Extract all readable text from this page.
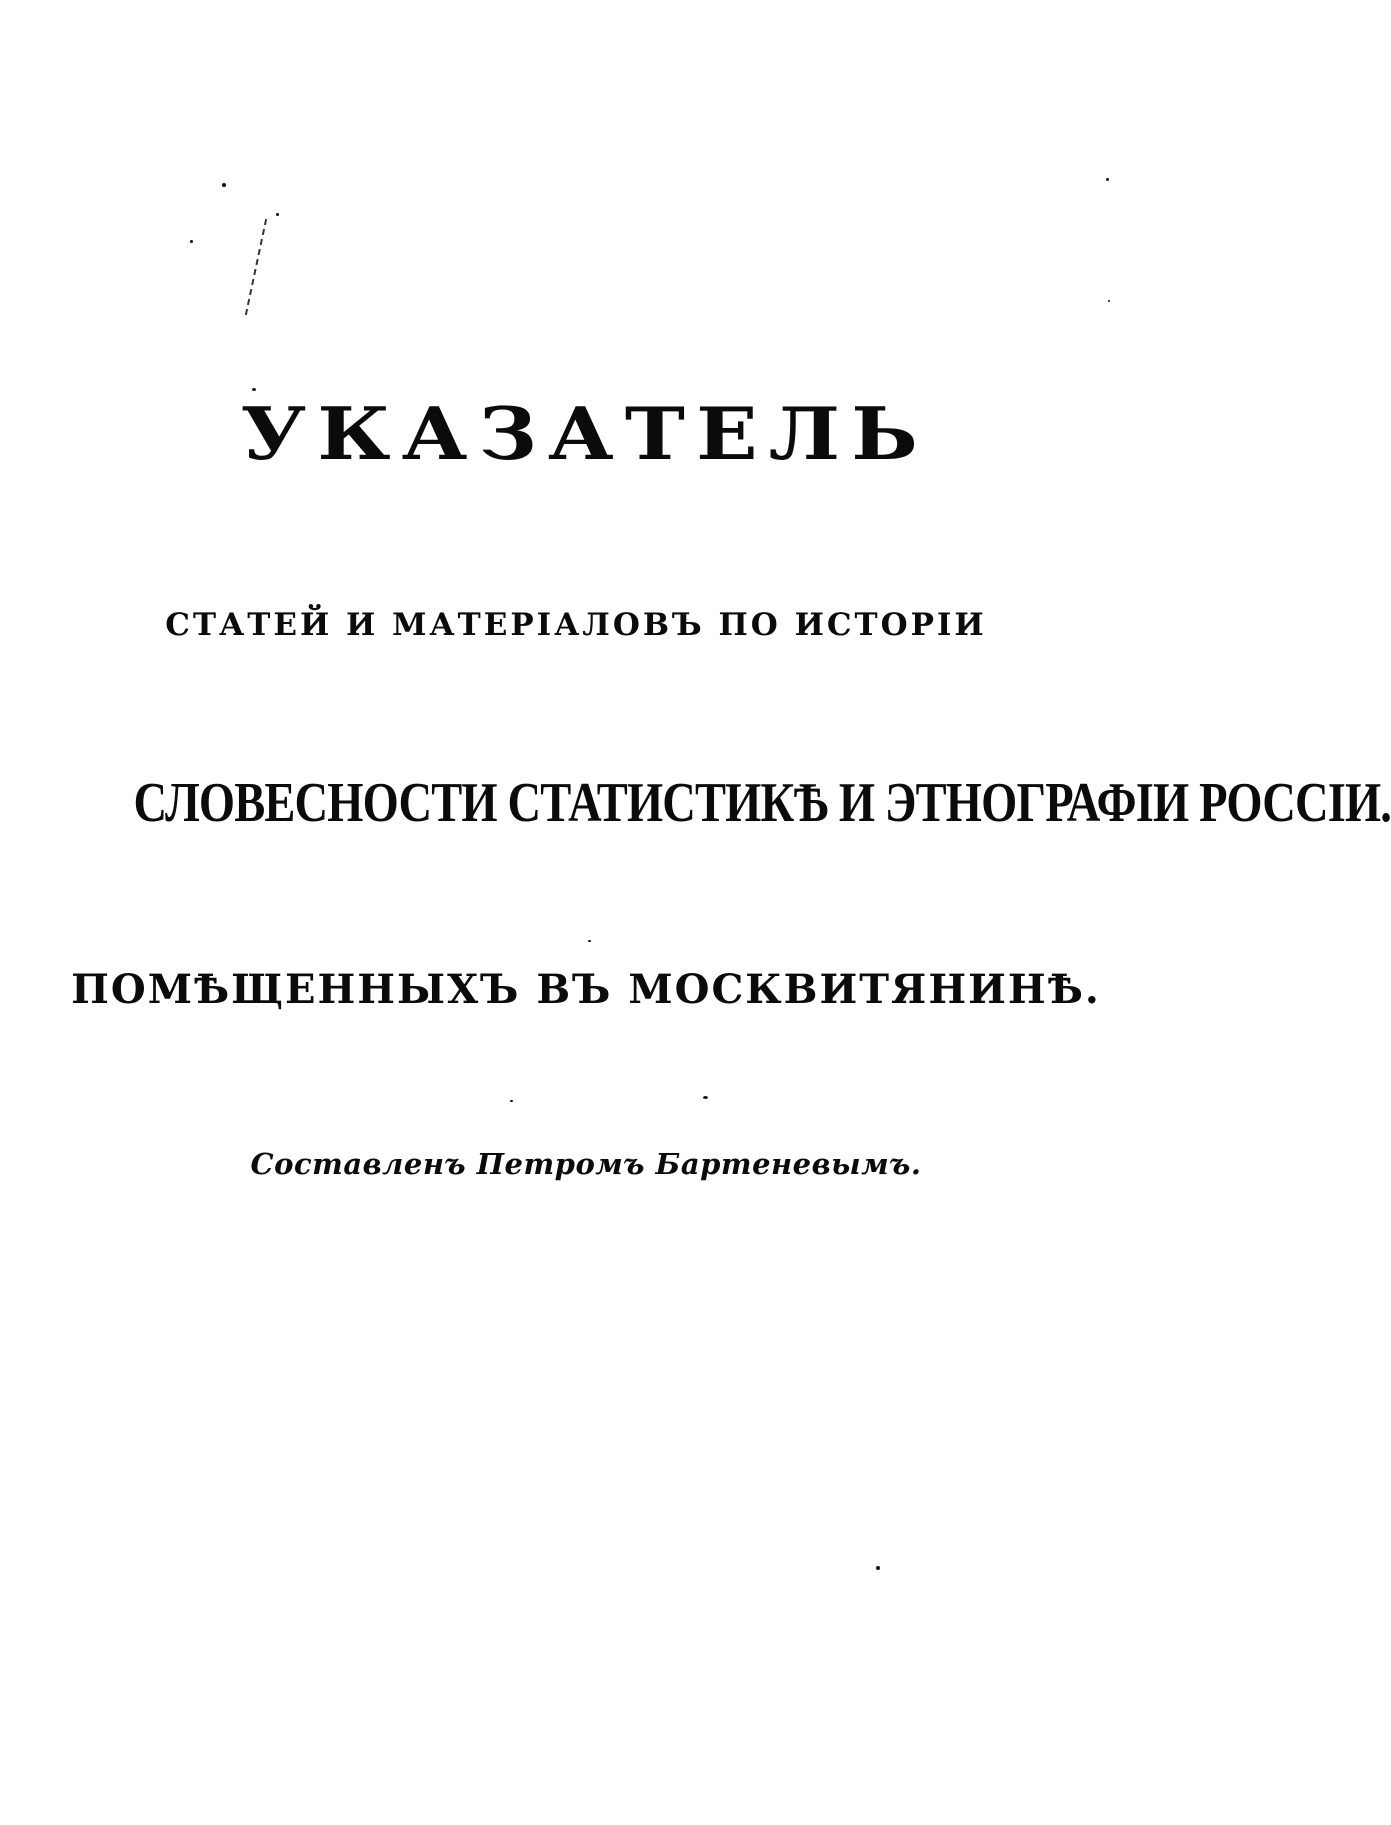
УКАЗАТЕЛЬ
СТАТЕЙ И МАТЕРІАЛОВЪ ПО ИСТОРІИ
СЛОВЕСНОСТИ СТАТИСТИКѢ И ЭТНОГРАФІИ РОССІИ.
ПОМѢЩЕННЫХЪ ВЪ МОСКВИТЯНИНѢ.
Составленъ Петромъ Бартеневымъ.
